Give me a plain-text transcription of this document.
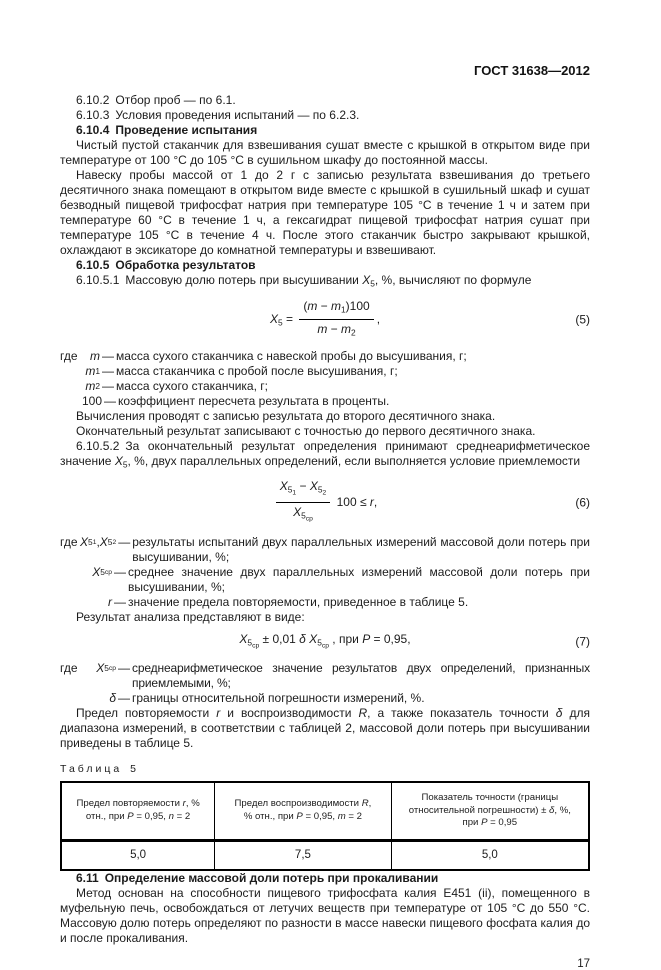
ГОСТ 31638—2012

6.10.2 Отбор проб — по 6.1.

6.10.3 Условия проведения испытаний — по 6.2.3.

6.10.4 Проведение испытания

Чистый пустой стаканчик для взвешивания сушат вместе с крышкой в открытом виде при температуре от 100 °С до 105 °С в сушильном шкафу до постоянной массы.

Навеску пробы массой от 1 до 2 г с записью результата взвешивания до третьего десятичного знака помещают в открытом виде вместе с крышкой в сушильный шкаф и сушат безводный пищевой трифосфат натрия при температуре 105 °С в течение 1 ч и затем при температуре 60 °С в течение 1 ч, а гексагидрат пищевой трифосфат натрия сушат при температуре 105 °С в течение 4 ч. После этого стаканчик быстро закрывают крышкой, охлаждают в эксикаторе до комнатной температуры и взвешивают.

6.10.5 Обработка результатов

6.10.5.1 Массовую долю потерь при высушивании $X_5$, %, вычисляют по формуле

$X_5 = \frac{(m - m_1)100}{m - m_2}$ ,	(5)
где	m — масса сухого стаканчика с навеской пробы до высушивания, г;
m 1 — масса стаканчика с пробой после высушивания, г;
m 2 — масса сухого стаканчика, г;
100 — коэффициент пересчета результата в проценты.

Вычисления проводят с записью результата до второго десятичного знака.

Окончательный результат записывают с точностью до первого десятичного знака.

6.10.5.2 За окончательный результат определения принимают среднеарифметическое значение $X_5$, %, двух параллельных определений, если выполняется условие приемлемости

$\frac{X_{51} - X_{52}}{X_{5ср}} 100 \le r$,	(6)
где X 5 1 , X 5 2 — результаты испытаний двух параллельных измерений массовой доли потерь при высушивании, %;
X 5 ср — среднее значение двух параллельных измерений массовой доли потерь при высушивании, %;
r — значение предела повторяемости, приведенное в таблице 5.

Результат анализа представляют в виде:

$X_{5ср} \pm 0,01$ δ $X_{5ср}$ , при P = 0,95,	(7)
где	X 5 ср — среднеарифметическое значение результатов двух определений, признанных приемлемыми, %;
δ — границы относительной погрешности измерений, %.

Предел повторяемости r и воспроизводимости R, а также показатель точности δ для диапазона измерений, в соответствии с таблицей 2, массовой доли потерь при высушивании приведены в таблице 5.

Таблица 5
Предел повторяемости r, % отн., при P = 0,95, n = 2	Предел воспроизводимости R, % отн., при P = 0,95, m = 2	Показатель точности (границы относительной погрешности) ± δ, %, при P = 0,95
5,0	7,5	5,0

6.11 Определение массовой доли потерь при прокаливании

Метод основан на способности пищевого трифосфата калия Е451 (ii), помещенного в муфельную печь, освобождаться от летучих веществ при температуре от 105 °С до 550 °С. Массовую долю потерь определяют по разности в массе навески пищевого фосфата калия до и после прокаливания.

17
